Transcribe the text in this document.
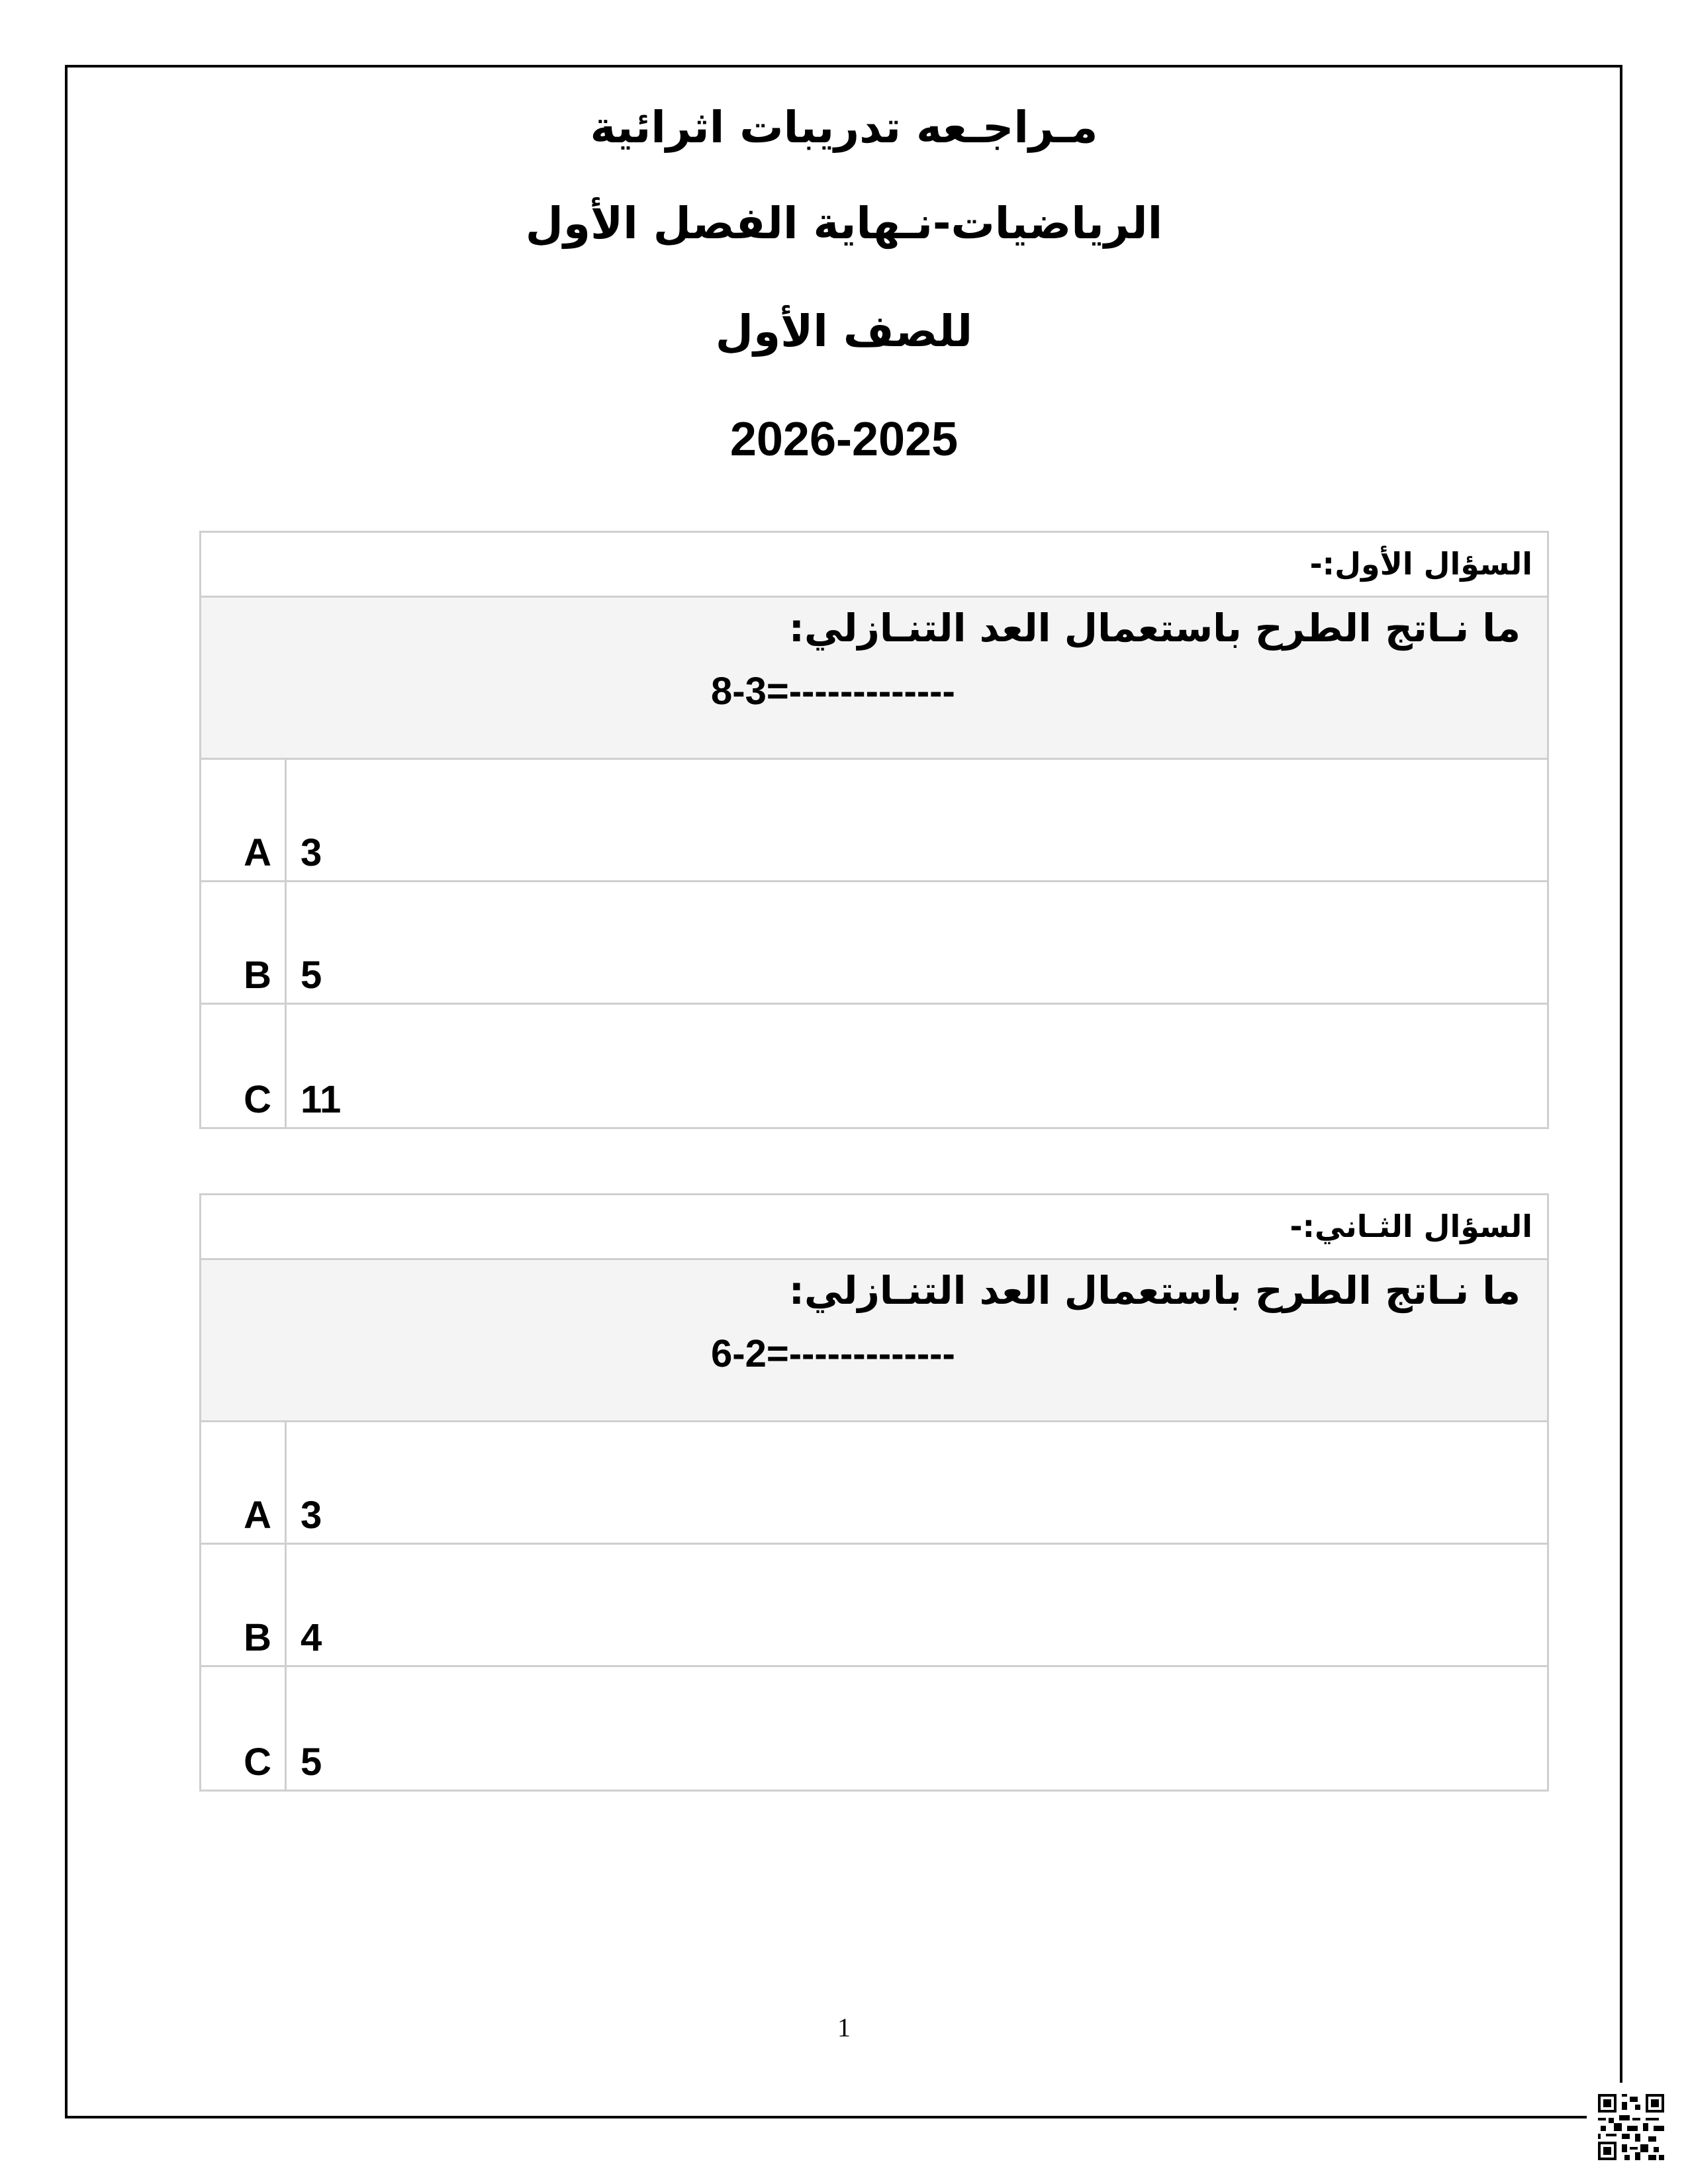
مـراجـعه تدريبات اثرائية
الرياضيات-نـهاية الفصل الأول
للصف الأول
2026-2025
السؤال الأول:-
ما نـاتج الطرح باستعمال العد التنـازلي:
8-3=-------------
A 3
B 5
C 11
السؤال الثـاني:-
ما نـاتج الطرح باستعمال العد التنـازلي:
6-2=-------------
A 3
B 4
C 5
1
